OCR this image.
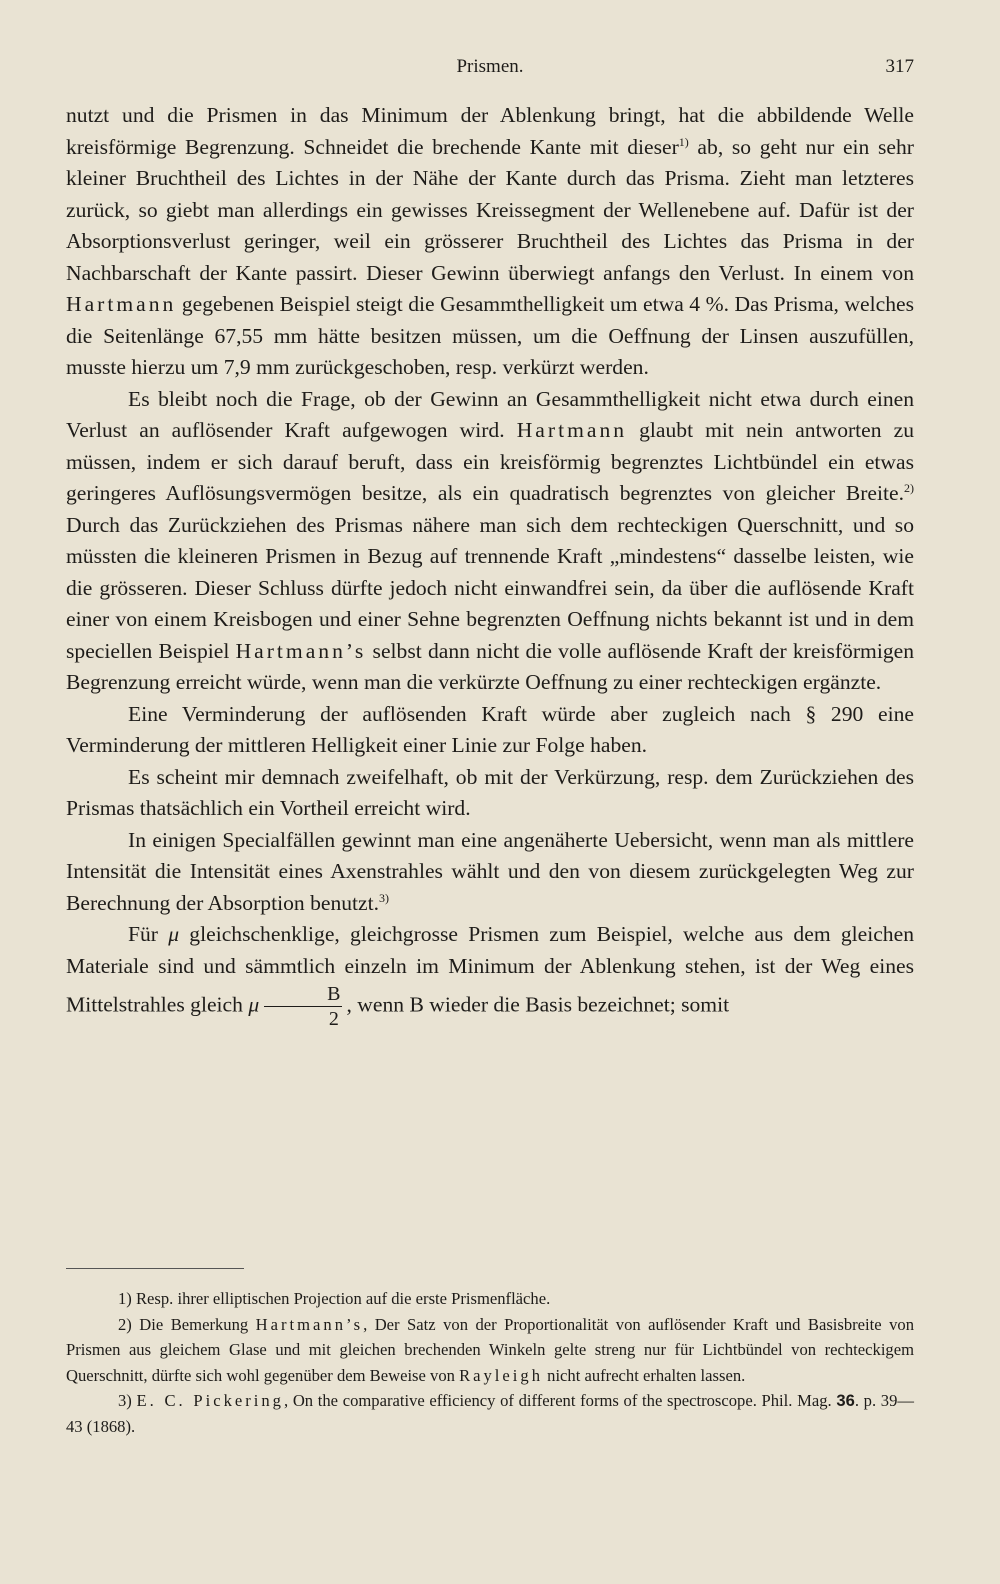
Prismen.	317

nutzt und die Prismen in das Minimum der Ablenkung bringt, hat die abbildende Welle kreisförmige Begrenzung. Schneidet die brechende Kante mit dieser$^{1)}$ ab, so geht nur ein sehr kleiner Bruchtheil des Lichtes in der Nähe der Kante durch das Prisma. Zieht man letzteres zurück, so giebt man allerdings ein gewisses Kreissegment der Wellenebene auf. Dafür ist der Absorptionsverlust geringer, weil ein grösserer Bruchtheil des Lichtes das Prisma in der Nachbarschaft der Kante passirt. Dieser Gewinn überwiegt anfangs den Verlust. In einem von Hartmann gegebenen Beispiel steigt die Gesammthelligkeit um etwa 4 %. Das Prisma, welches die Seitenlänge 67,55 mm hätte besitzen müssen, um die Oeffnung der Linsen auszufüllen, musste hierzu um 7,9 mm zurückgeschoben, resp. verkürzt werden.

Es bleibt noch die Frage, ob der Gewinn an Gesammthelligkeit nicht etwa durch einen Verlust an auflösender Kraft aufgewogen wird. Hartmann glaubt mit nein antworten zu müssen, indem er sich darauf beruft, dass ein kreisförmig begrenztes Lichtbündel ein etwas geringeres Auflösungsvermögen besitze, als ein quadratisch begrenztes von gleicher Breite.$^{2)}$ Durch das Zurückziehen des Prismas nähere man sich dem rechteckigen Querschnitt, und so müssten die kleineren Prismen in Bezug auf trennende Kraft „mindestens“ dasselbe leisten, wie die grösseren. Dieser Schluss dürfte jedoch nicht einwandfrei sein, da über die auflösende Kraft einer von einem Kreisbogen und einer Sehne begrenzten Oeffnung nichts bekannt ist und in dem speciellen Beispiel Hartmann’s selbst dann nicht die volle auflösende Kraft der kreisförmigen Begrenzung erreicht würde, wenn man die verkürzte Oeffnung zu einer rechteckigen ergänzte.

Eine Verminderung der auflösenden Kraft würde aber zugleich nach § 290 eine Verminderung der mittleren Helligkeit einer Linie zur Folge haben.

Es scheint mir demnach zweifelhaft, ob mit der Verkürzung, resp. dem Zurückziehen des Prismas thatsächlich ein Vortheil erreicht wird.

In einigen Specialfällen gewinnt man eine angenäherte Uebersicht, wenn man als mittlere Intensität die Intensität eines Axenstrahles wählt und den von diesem zurückgelegten Weg zur Berechnung der Absorption benutzt.$^{3)}$

Für μ gleichschenklige, gleichgrosse Prismen zum Beispiel, welche aus dem gleichen Materiale sind und sämmtlich einzeln im Minimum der Ablenkung stehen, ist der Weg eines Mittelstrahles gleich μ $\frac{B}{2}$ , wenn B wieder die Basis bezeichnet; somit

1) Resp. ihrer elliptischen Projection auf die erste Prismenfläche.

2) Die Bemerkung Hartmann’s, Der Satz von der Proportionalität von auflösender Kraft und Basisbreite von Prismen aus gleichem Glase und mit gleichen brechenden Winkeln gelte streng nur für Lichtbündel von rechteckigem Querschnitt, dürfte sich wohl gegenüber dem Beweise von Rayleigh nicht aufrecht erhalten lassen.

3) E. C. Pickering, On the comparative efficiency of different forms of the spectroscope. Phil. Mag. 36. p. 39—43 (1868).
